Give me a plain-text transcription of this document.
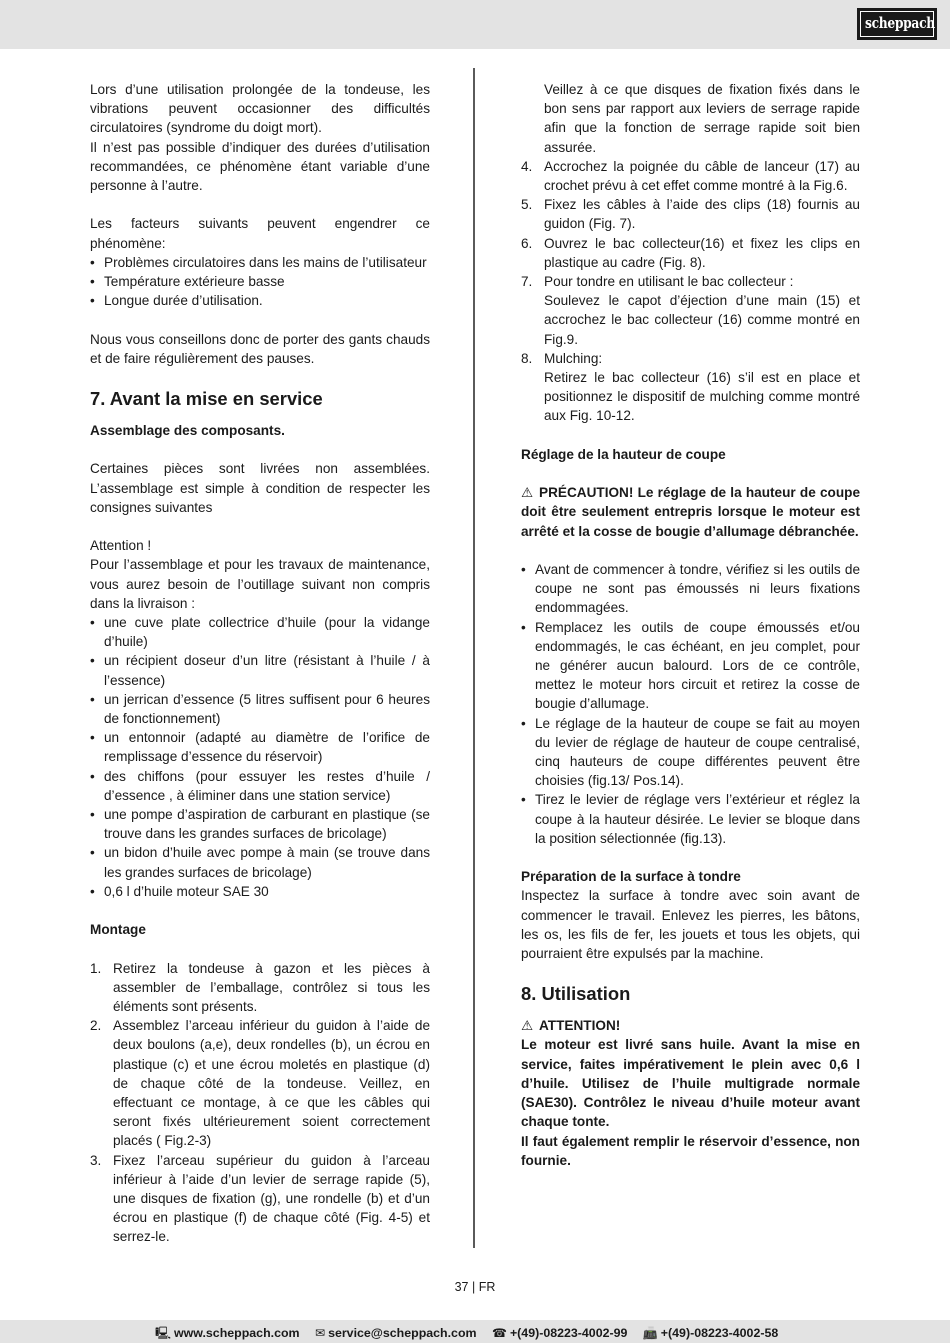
scheppach

Lors d’une utilisation prolongée de la tondeuse, les vibrations peuvent occasionner des difficultés circulatoires (syndrome du doigt mort).

Il n’est pas possible d’indiquer des durées d’utilisation recommandées, ce phénomène étant variable d’une personne à l’autre.

Les facteurs suivants peuvent engendrer ce phénomène:

• Problèmes circulatoires dans les mains de l’utilisateur
• Température extérieure basse
• Longue durée d’utilisation.

Nous vous conseillons donc de porter des gants chauds et de faire régulièrement des pauses.

7. Avant la mise en service

Assemblage des composants.

Certaines pièces sont livrées non assemblées. L’assemblage est simple à condition de respecter les consignes suivantes

Attention !

Pour l’assemblage et pour les travaux de maintenance, vous aurez besoin de l’outillage suivant non compris dans la livraison :

• une cuve plate collectrice d’huile (pour la vidange d’huile)
• un récipient doseur d’un litre (résistant à l’huile / à l’essence)
• un jerrican d’essence (5 litres suffisent pour 6 heures de fonctionnement)
• un entonnoir (adapté au diamètre de l’orifice de remplissage d’essence du réservoir)
• des chiffons (pour essuyer les restes d’huile / d’essence , à éliminer dans une station service)
• une pompe d’aspiration de carburant en plastique (se trouve dans les grandes surfaces de bricolage)
• un bidon d’huile avec pompe à main (se trouve dans les grandes surfaces de bricolage)
• 0,6 l d’huile moteur SAE 30

Montage

1. Retirez la tondeuse à gazon et les pièces à assembler de l’emballage, contrôlez si tous les éléments sont présents.
2. Assemblez l’arceau inférieur du guidon à l’aide de deux boulons (a,e), deux rondelles (b), un écrou en plastique (c) et une écrou moletés en plastique (d) de chaque côté de la tondeuse. Veillez, en effectuant ce montage, à ce que les câbles qui seront fixés ultérieurement soient correctement placés ( Fig.2-3)
3. Fixez l’arceau supérieur du guidon à l’arceau inférieur à l’aide d’un levier de serrage rapide (5), une disques de fixation (g), une rondelle (b) et d’un écrou en plastique (f) de chaque côté (Fig. 4-5) et serrez-le.

Veillez à ce que disques de fixation fixés dans le bon sens par rapport aux leviers de serrage rapide afin que la fonction de serrage rapide soit bien assurée.

4. Accrochez la poignée du câble de lanceur (17) au crochet prévu à cet effet comme montré à la Fig.6.
5. Fixez les câbles à l’aide des clips (18) fournis au guidon (Fig. 7).
6. Ouvrez le bac collecteur(16) et fixez les clips en plastique au cadre (Fig. 8).
7. Pour tondre en utilisant le bac collecteur :

Soulevez le capot d’éjection d’une main (15) et accrochez le bac collecteur (16) comme montré en Fig.9.

8. Mulching:

Retirez le bac collecteur (16) s’il est en place et positionnez le dispositif de mulching comme montré aux Fig. 10-12.

Réglage de la hauteur de coupe

⚠ PRÉCAUTION! Le réglage de la hauteur de coupe doit être seulement entrepris lorsque le moteur est arrêté et la cosse de bougie d’allumage débranchée.

• Avant de commencer à tondre, vérifiez si les outils de coupe ne sont pas émoussés ni leurs fixations endommagées.
• Remplacez les outils de coupe émoussés et/ou endommagés, le cas échéant, en jeu complet, pour ne générer aucun balourd. Lors de ce contrôle, mettez le moteur hors circuit et retirez la cosse de bougie d’allumage.
• Le réglage de la hauteur de coupe se fait au moyen du levier de réglage de hauteur de coupe centralisé, cinq hauteurs de coupe différentes peuvent être choisies (fig.13/ Pos.14).
• Tirez le levier de réglage vers l’extérieur et réglez la coupe à la hauteur désirée. Le levier se bloque dans la position sélectionnée (fig.13).

Préparation de la surface à tondre

Inspectez la surface à tondre avec soin avant de commencer le travail. Enlevez les pierres, les bâtons, les os, les fils de fer, les jouets et tous les objets, qui pourraient être expulsés par la machine.

8. Utilisation

⚠ ATTENTION!

Le moteur est livré sans huile. Avant la mise en service, faites impérativement le plein avec 0,6 l d’huile. Utilisez de l’huile multigrade normale (SAE30). Contrôlez le niveau d’huile moteur avant chaque tonte.

Il faut également remplir le réservoir d’essence, non fournie.

37 | FR
🖳 www.scheppach.com ✉ service@scheppach.com ☎ +(49)-08223-4002-99 📠 +(49)-08223-4002-58
